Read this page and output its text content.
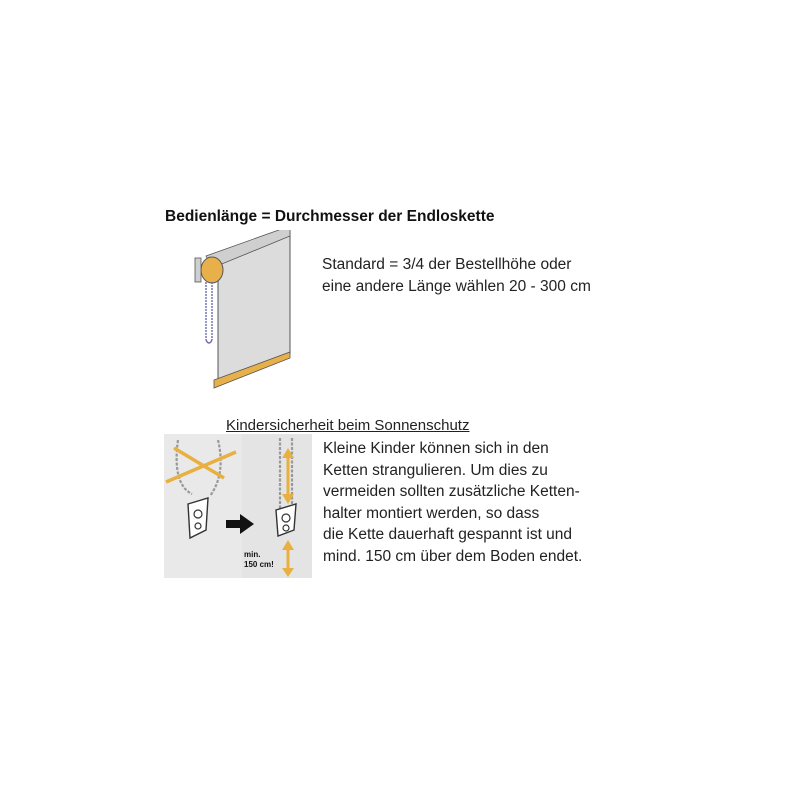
Bedienlänge = Durchmesser der Endloskette
Standard = 3/4 der Bestellhöhe oder
eine andere Länge wählen 20 - 300 cm
Kindersicherheit beim Sonnenschutz
min.
150 cm!
Kleine Kinder können sich in den
Ketten strangulieren. Um dies zu
vermeiden sollten zusätzliche Ketten-
halter montiert werden, so dass
die Kette dauerhaft gespannt ist und
mind. 150 cm über dem Boden endet.
